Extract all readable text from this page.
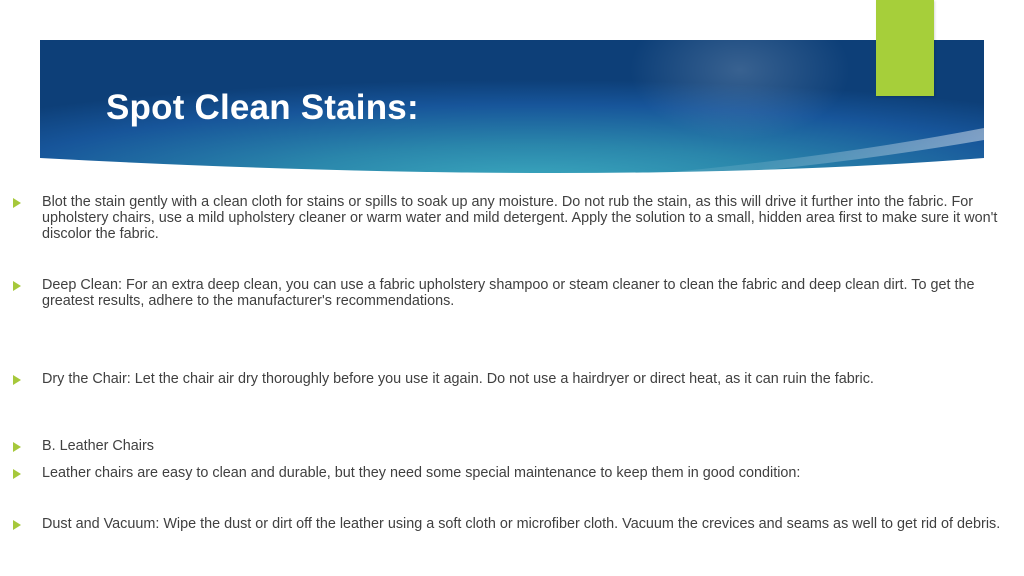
Spot Clean Stains:
Blot the stain gently with a clean cloth for stains or spills to soak up any moisture. Do not rub the stain, as this will drive it further into the fabric. For upholstery chairs, use a mild upholstery cleaner or warm water and mild detergent. Apply the solution to a small, hidden area first to make sure it won't discolor the fabric.
Deep Clean: For an extra deep clean, you can use a fabric upholstery shampoo or steam cleaner to clean the fabric and deep clean dirt. To get the greatest results, adhere to the manufacturer's recommendations.
Dry the Chair: Let the chair air dry thoroughly before you use it again. Do not use a hairdryer or direct heat, as it can ruin the fabric.
B. Leather Chairs
Leather chairs are easy to clean and durable, but they need some special maintenance to keep them in good condition:
Dust and Vacuum: Wipe the dust or dirt off the leather using a soft cloth or microfiber cloth. Vacuum the crevices and seams as well to get rid of debris.
